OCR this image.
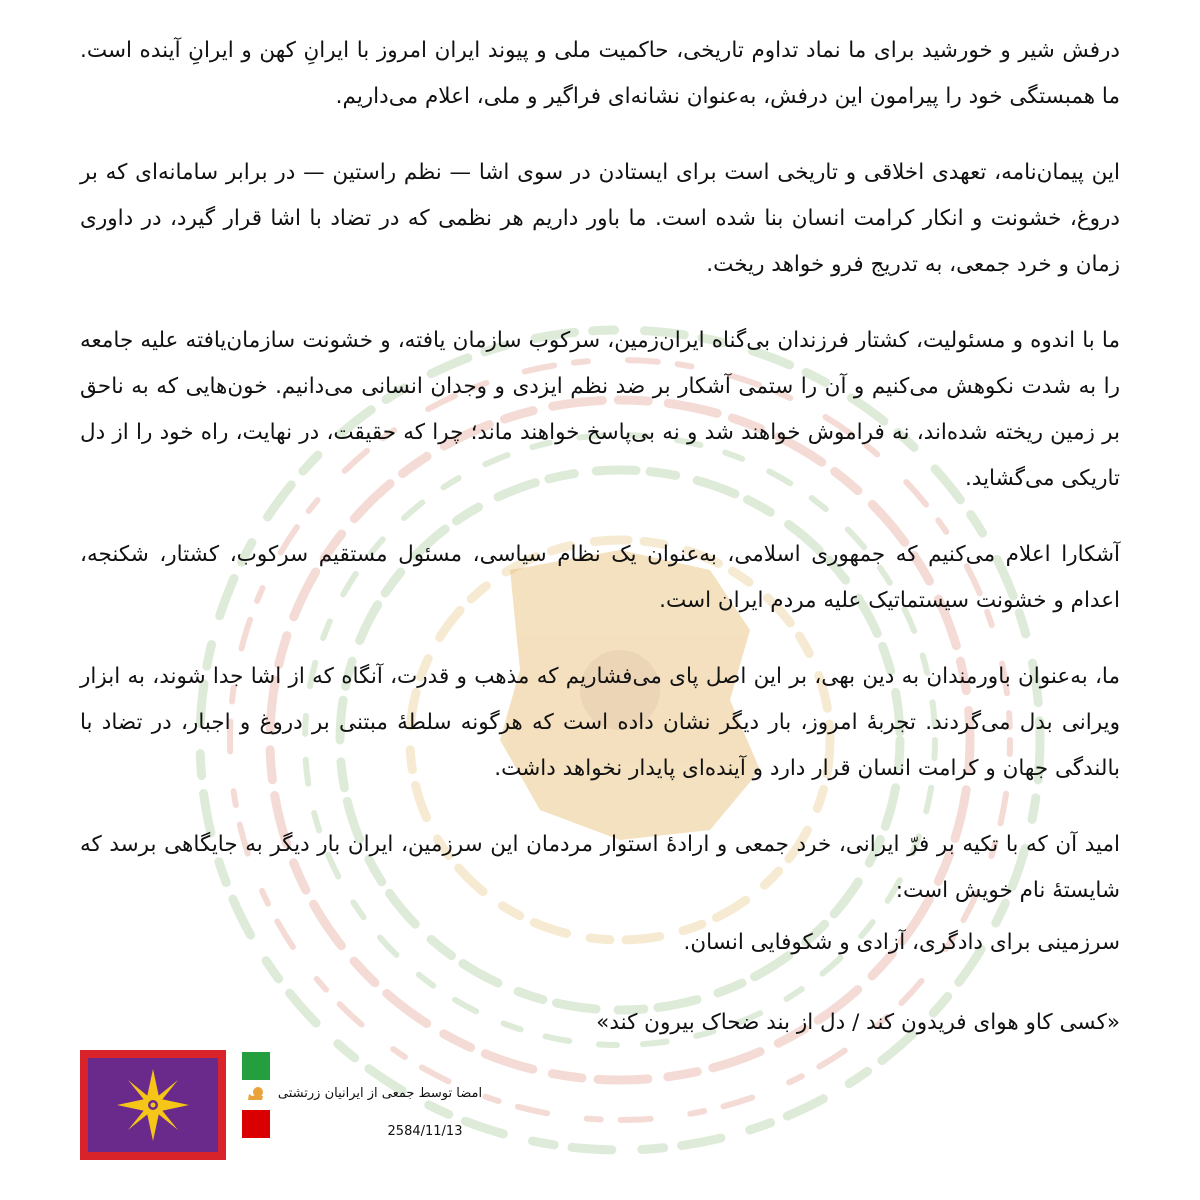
درفش شیر و خورشید برای ما نماد تداوم تاریخی، حاکمیت ملی و پیوند ایران امروز با ایرانِ کهن و ایرانِ آینده است. ما همبستگی خود را پیرامون این درفش، به‌عنوان نشانه‌ای فراگیر و ملی، اعلام می‌داریم.

این پیمان‌نامه، تعهدی اخلاقی و تاریخی است برای ایستادن در سوی اشا — نظم راستین — در برابر سامانه‌ای که بر دروغ، خشونت و انکار کرامت انسان بنا شده است. ما باور داریم هر نظمی که در تضاد با اشا قرار گیرد، در داوری زمان و خرد جمعی، به تدریج فرو خواهد ریخت.

ما با اندوه و مسئولیت، کشتار فرزندان بی‌گناه ایران‌زمین، سرکوب سازمان یافته، و خشونت سازمان‌یافته علیه جامعه را به شدت نکوهش می‌کنیم و آن را ستمی آشکار بر ضد نظم ایزدی و وجدان انسانی می‌دانیم. خون‌هایی که به ناحق بر زمین ریخته شده‌اند، نه فراموش خواهند شد و نه بی‌پاسخ خواهند ماند؛ چرا که حقیقت، در نهایت، راه خود را از دل تاریکی می‌گشاید.

آشکارا اعلام می‌کنیم که جمهوری اسلامی، به‌عنوان یک نظام سیاسی، مسئول مستقیم سرکوب، کشتار، شکنجه، اعدام و خشونت سیستماتیک علیه مردم ایران است.

ما، به‌عنوان باورمندان به دین بهی، بر این اصل پای می‌فشاریم که مذهب و قدرت، آنگاه که از اشا جدا شوند، به ابزار ویرانی بدل می‌گردند. تجربهٔ امروز، بار دیگر نشان داده است که هرگونه سلطهٔ مبتنی بر دروغ و اجبار، در تضاد با بالندگی جهان و کرامت انسان قرار دارد و آینده‌ای پایدار نخواهد داشت.

امید آن که با تکیه بر فرّ ایرانی، خرد جمعی و ارادهٔ استوار مردمان این سرزمین، ایران بار دیگر به جایگاهی برسد که شایستهٔ نام خویش است:

سرزمینی برای دادگری، آزادی و شکوفایی انسان.

«کسی کاو هوای فریدون کند / دل از بند ضحاک بیرون کند»
امضا توسط جمعی از ایرانیان زرتشتی
2584/11/13
